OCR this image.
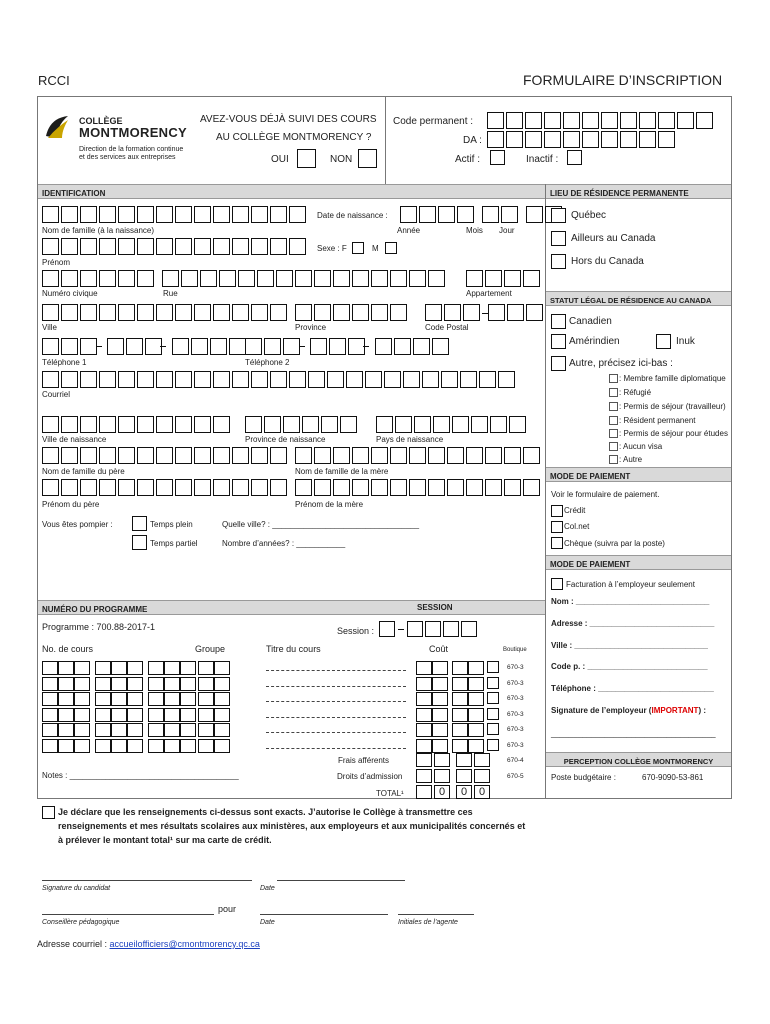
RCCI	FORMULAIRE D’INSCRIPTION
COLLÈGE
MONTMORENCY
Direction de la formation continue
et des services aux entreprises
AVEZ-VOUS DÉJÀ SUIVI DES COURS
AU COLLÈGE MONTMORENCY ?
OUI	NON
Code permanent :
DA :
Actif :	Inactif :
IDENTIFICATION	LIEU DE RÉSIDENCE PERMANENTE
Date de naissance :
Nom de famille (à la naissance)	Année	Mois Jour
Sexe : F	M
Prénom
Numéro civique	Rue	Appartement
Ville	Province	Code Postal
Téléphone 1	Téléphone 2
Courriel
Ville de naissance	Province de naissance	Pays de naissance
Nom de famille du père	Nom de famille de la mère
Prénom du père	Prénom de la mère
Vous êtes pompier :	Temps plein	Quelle ville? : _________________________________
Temps partiel	Nombre d’années? : ___________
Québec
Ailleurs au Canada
Hors du Canada
STATUT LÉGAL DE RÉSIDENCE AU CANADA
Canadien
Amérindien	Inuk
Autre, précisez ici-bas :
: Membre famille diplomatique
: Réfugié
: Permis de séjour (travailleur)
: Résident permanent
: Permis de séjour pour études
: Aucun visa
: Autre
MODE DE PAIEMENT
Voir le formulaire de paiement.
Crédit
Col.net
Chèque (suivra par la poste)
MODE DE PAIEMENT
Facturation à l’employeur seulement
Nom : ______________________________
Adresse : ____________________________
Ville : ______________________________
Code p. : ___________________________
Téléphone : __________________________
Signature de l’employeur (IMPORTANT) :
_____________________________________
PERCEPTION COLLÈGE MONTMORENCY
Poste budgétaire :	670-9090-53-861
NUMÉRO DU PROGRAMME	SESSION
Programme : 700.88-2017-1	Session :
No. de cours	Groupe	Titre du cours	Coût	Boutique
670-3
670-3
670-3
670-3
670-3
670-3
Frais afférents	670-4
Droits d’admission	670-5
Notes : ______________________________________
TOTAL¹	0	0	0
Je déclare que les renseignements ci-dessus sont exacts. J’autorise le Collège à transmettre ces
renseignements et mes résultats scolaires aux ministères, aux employeurs et aux municipalités concernés et
à prélever le montant total¹ sur ma carte de crédit.
Signature du candidat	Date
pour
Conseillère pédagogique	Date	Initiales de l’agente
Adresse courriel : accueilofficiers@cmontmorency.qc.ca
